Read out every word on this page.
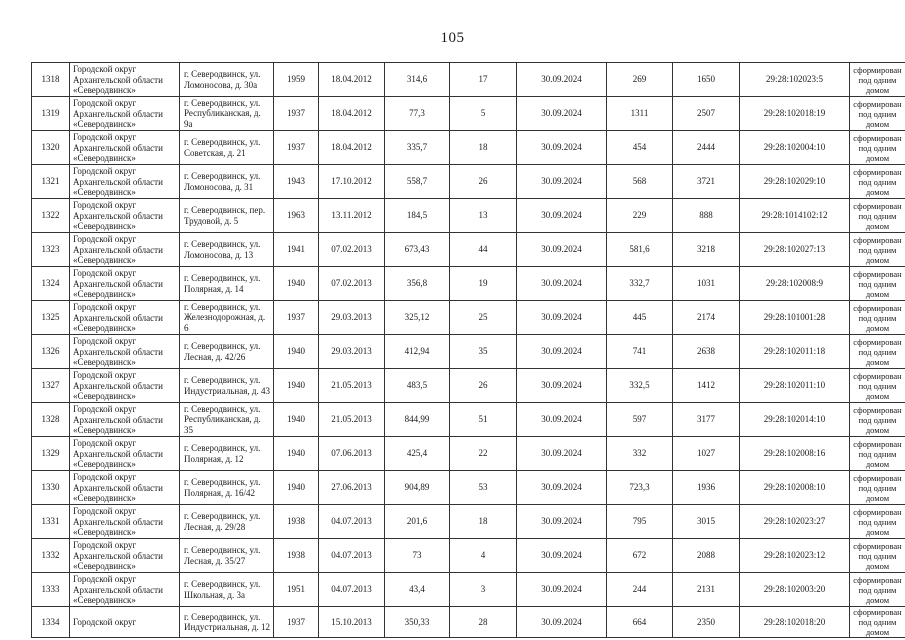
105
1318	Городской округ Архангельской области «Северодвинск»	г. Северодвинск, ул. Ломоносова, д. 30а	1959	18.04.2012	314,6	17	30.09.2024	269	1650	29:28:102023:5	сформирован под одним домом
1319	Городской округ Архангельской области «Северодвинск»	г. Северодвинск, ул. Республиканская, д. 9а	1937	18.04.2012	77,3	5	30.09.2024	1311	2507	29:28:102018:19	сформирован под одним домом
1320	Городской округ Архангельской области «Северодвинск»	г. Северодвинск, ул. Советская, д. 21	1937	18.04.2012	335,7	18	30.09.2024	454	2444	29:28:102004:10	сформирован под одним домом
1321	Городской округ Архангельской области «Северодвинск»	г. Северодвинск, ул. Ломоносова, д. 31	1943	17.10.2012	558,7	26	30.09.2024	568	3721	29:28:102029:10	сформирован под одним домом
1322	Городской округ Архангельской области «Северодвинск»	г. Северодвинск, пер. Трудовой, д. 5	1963	13.11.2012	184,5	13	30.09.2024	229	888	29:28:1014102:12	сформирован под одним домом
1323	Городской округ Архангельской области «Северодвинск»	г. Северодвинск, ул. Ломоносова, д. 13	1941	07.02.2013	673,43	44	30.09.2024	581,6	3218	29:28:102027:13	сформирован под одним домом
1324	Городской округ Архангельской области «Северодвинск»	г. Северодвинск, ул. Полярная, д. 14	1940	07.02.2013	356,8	19	30.09.2024	332,7	1031	29:28:102008:9	сформирован под одним домом
1325	Городской округ Архангельской области «Северодвинск»	г. Северодвинск, ул. Железнодорожная, д. 6	1937	29.03.2013	325,12	25	30.09.2024	445	2174	29:28:101001:28	сформирован под одним домом
1326	Городской округ Архангельской области «Северодвинск»	г. Северодвинск, ул. Лесная, д. 42/26	1940	29.03.2013	412,94	35	30.09.2024	741	2638	29:28:102011:18	сформирован под одним домом
1327	Городской округ Архангельской области «Северодвинск»	г. Северодвинск, ул. Индустриальная, д. 43	1940	21.05.2013	483,5	26	30.09.2024	332,5	1412	29:28:102011:10	сформирован под одним домом
1328	Городской округ Архангельской области «Северодвинск»	г. Северодвинск, ул. Республиканская, д. 35	1940	21.05.2013	844,99	51	30.09.2024	597	3177	29:28:102014:10	сформирован под одним домом
1329	Городской округ Архангельской области «Северодвинск»	г. Северодвинск, ул. Полярная, д. 12	1940	07.06.2013	425,4	22	30.09.2024	332	1027	29:28:102008:16	сформирован под одним домом
1330	Городской округ Архангельской области «Северодвинск»	г. Северодвинск, ул. Полярная, д. 16/42	1940	27.06.2013	904,89	53	30.09.2024	723,3	1936	29:28:102008:10	сформирован под одним домом
1331	Городской округ Архангельской области «Северодвинск»	г. Северодвинск, ул. Лесная, д. 29/28	1938	04.07.2013	201,6	18	30.09.2024	795	3015	29:28:102023:27	сформирован под одним домом
1332	Городской округ Архангельской области «Северодвинск»	г. Северодвинск, ул. Лесная, д. 35/27	1938	04.07.2013	73	4	30.09.2024	672	2088	29:28:102023:12	сформирован под одним домом
1333	Городской округ Архангельской области «Северодвинск»	г. Северодвинск, ул. Школьная, д. 3а	1951	04.07.2013	43,4	3	30.09.2024	244	2131	29:28:102003:20	сформирован под одним домом
1334	Городской округ	г. Северодвинск, ул. Индустриальная, д. 12	1937	15.10.2013	350,33	28	30.09.2024	664	2350	29:28:102018:20	сформирован под одним домом
